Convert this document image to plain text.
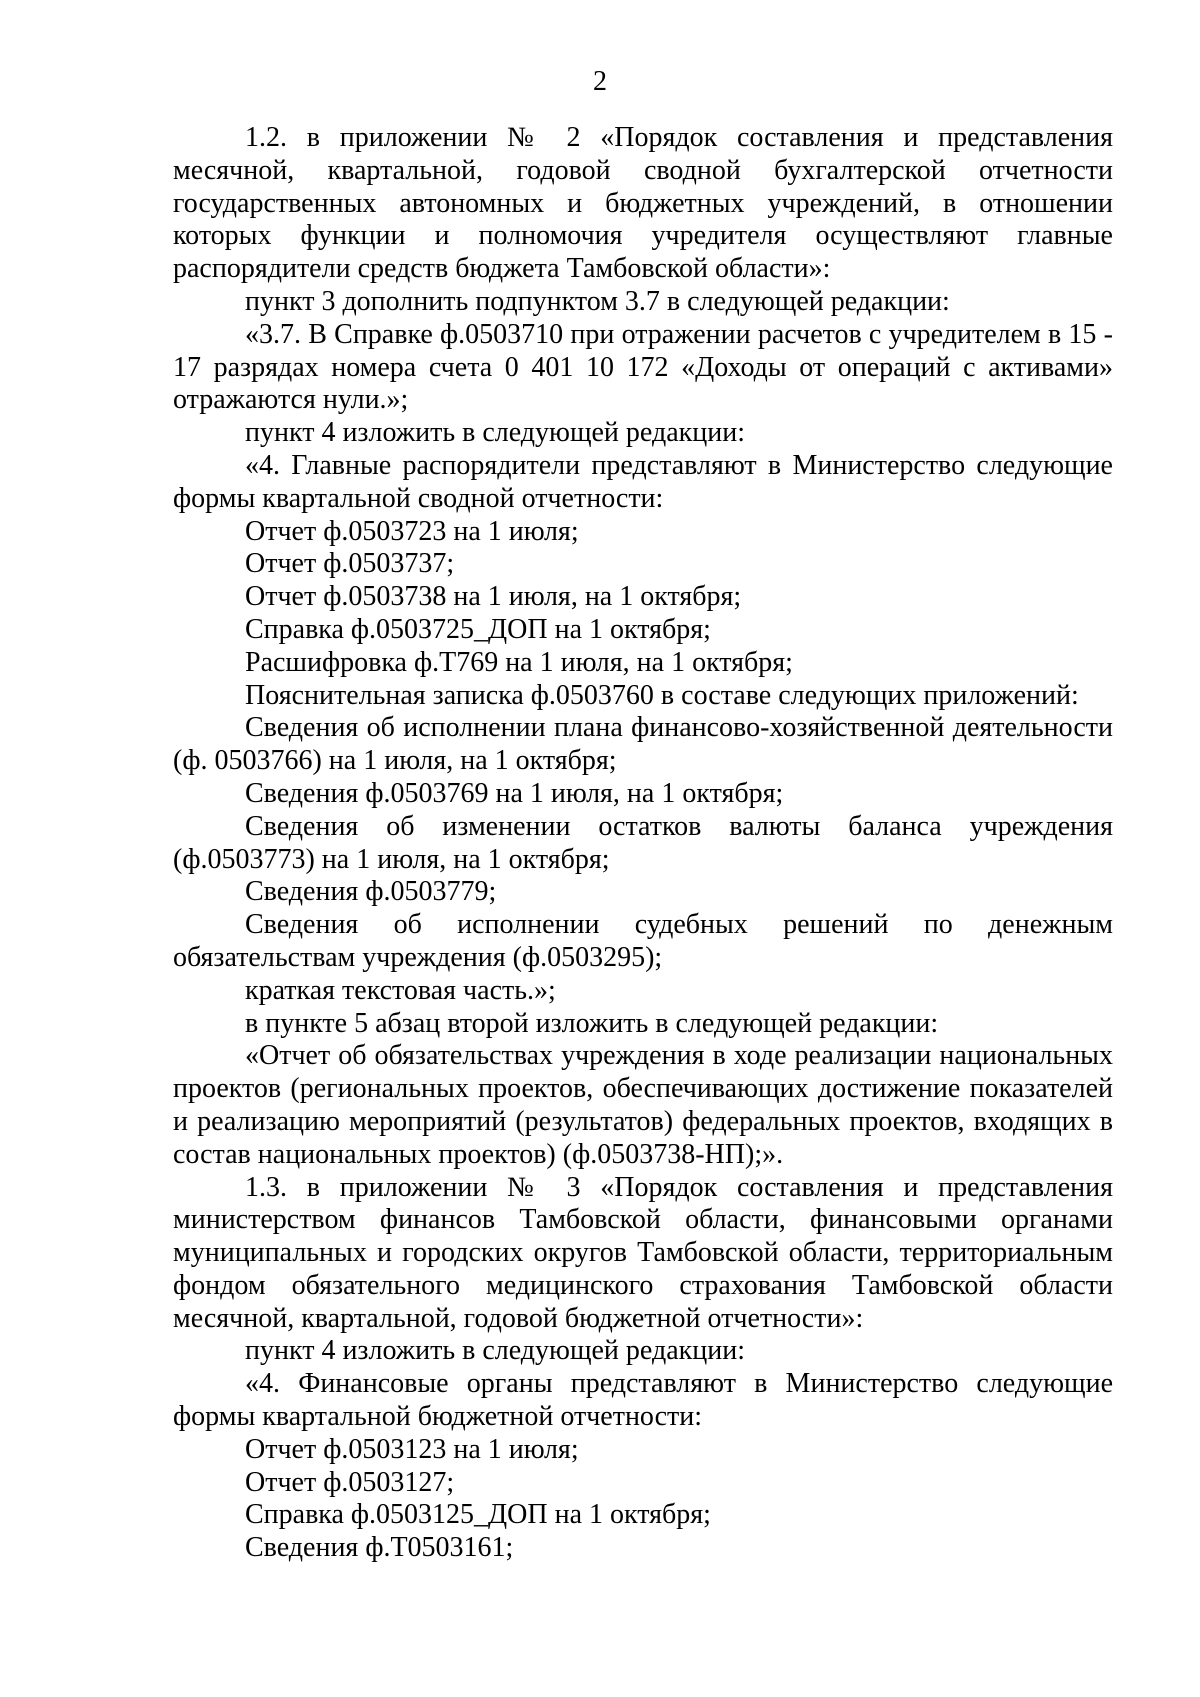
2

1.2. в приложении № 2 «Порядок составления и представления месячной, квартальной, годовой сводной бухгалтерской отчетности государственных автономных и бюджетных учреждений, в отношении которых функции и полномочия учредителя осуществляют главные распорядители средств бюджета Тамбовской области»:

пункт 3 дополнить подпунктом 3.7 в следующей редакции:

«3.7. В Справке ф.0503710 при отражении расчетов с учредителем в 15 - 17 разрядах номера счета 0 401 10 172 «Доходы от операций с активами» отражаются нули.»;

пункт 4 изложить в следующей редакции:

«4. Главные распорядители представляют в Министерство следующие формы квартальной сводной отчетности:

Отчет ф.0503723 на 1 июля;

Отчет ф.0503737;

Отчет ф.0503738 на 1 июля, на 1 октября;

Справка ф.0503725_ДОП на 1 октября;

Расшифровка ф.Т769 на 1 июля, на 1 октября;

Пояснительная записка ф.0503760 в составе следующих приложений:

Сведения об исполнении плана финансово-хозяйственной деятельности (ф. 0503766) на 1 июля, на 1 октября;

Сведения ф.0503769 на 1 июля, на 1 октября;

Сведения об изменении остатков валюты баланса учреждения (ф.0503773) на 1 июля, на 1 октября;

Сведения ф.0503779;

Сведения об исполнении судебных решений по денежным обязательствам учреждения (ф.0503295);

краткая текстовая часть.»;

в пункте 5 абзац второй изложить в следующей редакции:

«Отчет об обязательствах учреждения в ходе реализации национальных проектов (региональных проектов, обеспечивающих достижение показателей и реализацию мероприятий (результатов) федеральных проектов, входящих в состав национальных проектов) (ф.0503738-НП);».

1.3. в приложении № 3 «Порядок составления и представления министерством финансов Тамбовской области, финансовыми органами муниципальных и городских округов Тамбовской области, территориальным фондом обязательного медицинского страхования Тамбовской области месячной, квартальной, годовой бюджетной отчетности»:

пункт 4 изложить в следующей редакции:

«4. Финансовые органы представляют в Министерство следующие формы квартальной бюджетной отчетности:

Отчет ф.0503123 на 1 июля;

Отчет ф.0503127;

Справка ф.0503125_ДОП на 1 октября;

Сведения ф.Т0503161;
